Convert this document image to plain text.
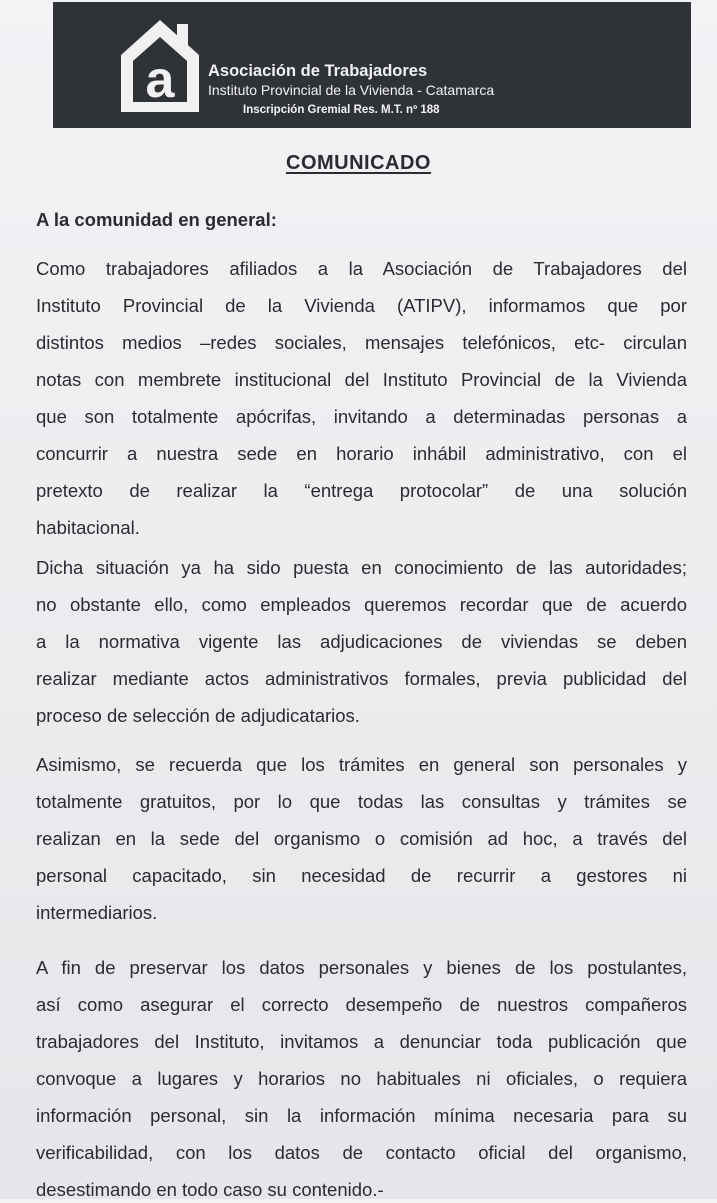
a Asociación de Trabajadores
Instituto Provincial de la Vivienda - Catamarca
Inscripción Gremial Res. M.T. nº 188
COMUNICADO
A la comunidad en general:
Como trabajadores afiliados a la Asociación de Trabajadores del
Instituto Provincial de la Vivienda (ATIPV), informamos que por
distintos medios –redes sociales, mensajes telefónicos, etc- circulan
notas con membrete institucional del Instituto Provincial de la Vivienda
que son totalmente apócrifas, invitando a determinadas personas a
concurrir a nuestra sede en horario inhábil administrativo, con el
pretexto de realizar la “entrega protocolar” de una solución
habitacional.
Dicha situación ya ha sido puesta en conocimiento de las autoridades;
no obstante ello, como empleados queremos recordar que de acuerdo
a la normativa vigente las adjudicaciones de viviendas se deben
realizar mediante actos administrativos formales, previa publicidad del
proceso de selección de adjudicatarios.
Asimismo, se recuerda que los trámites en general son personales y
totalmente gratuitos, por lo que todas las consultas y trámites se
realizan en la sede del organismo o comisión ad hoc, a través del
personal capacitado, sin necesidad de recurrir a gestores ni
intermediarios.
A fin de preservar los datos personales y bienes de los postulantes,
así como asegurar el correcto desempeño de nuestros compañeros
trabajadores del Instituto, invitamos a denunciar toda publicación que
convoque a lugares y horarios no habituales ni oficiales, o requiera
información personal, sin la información mínima necesaria para su
verificabilidad, con los datos de contacto oficial del organismo,
desestimando en todo caso su contenido.-
